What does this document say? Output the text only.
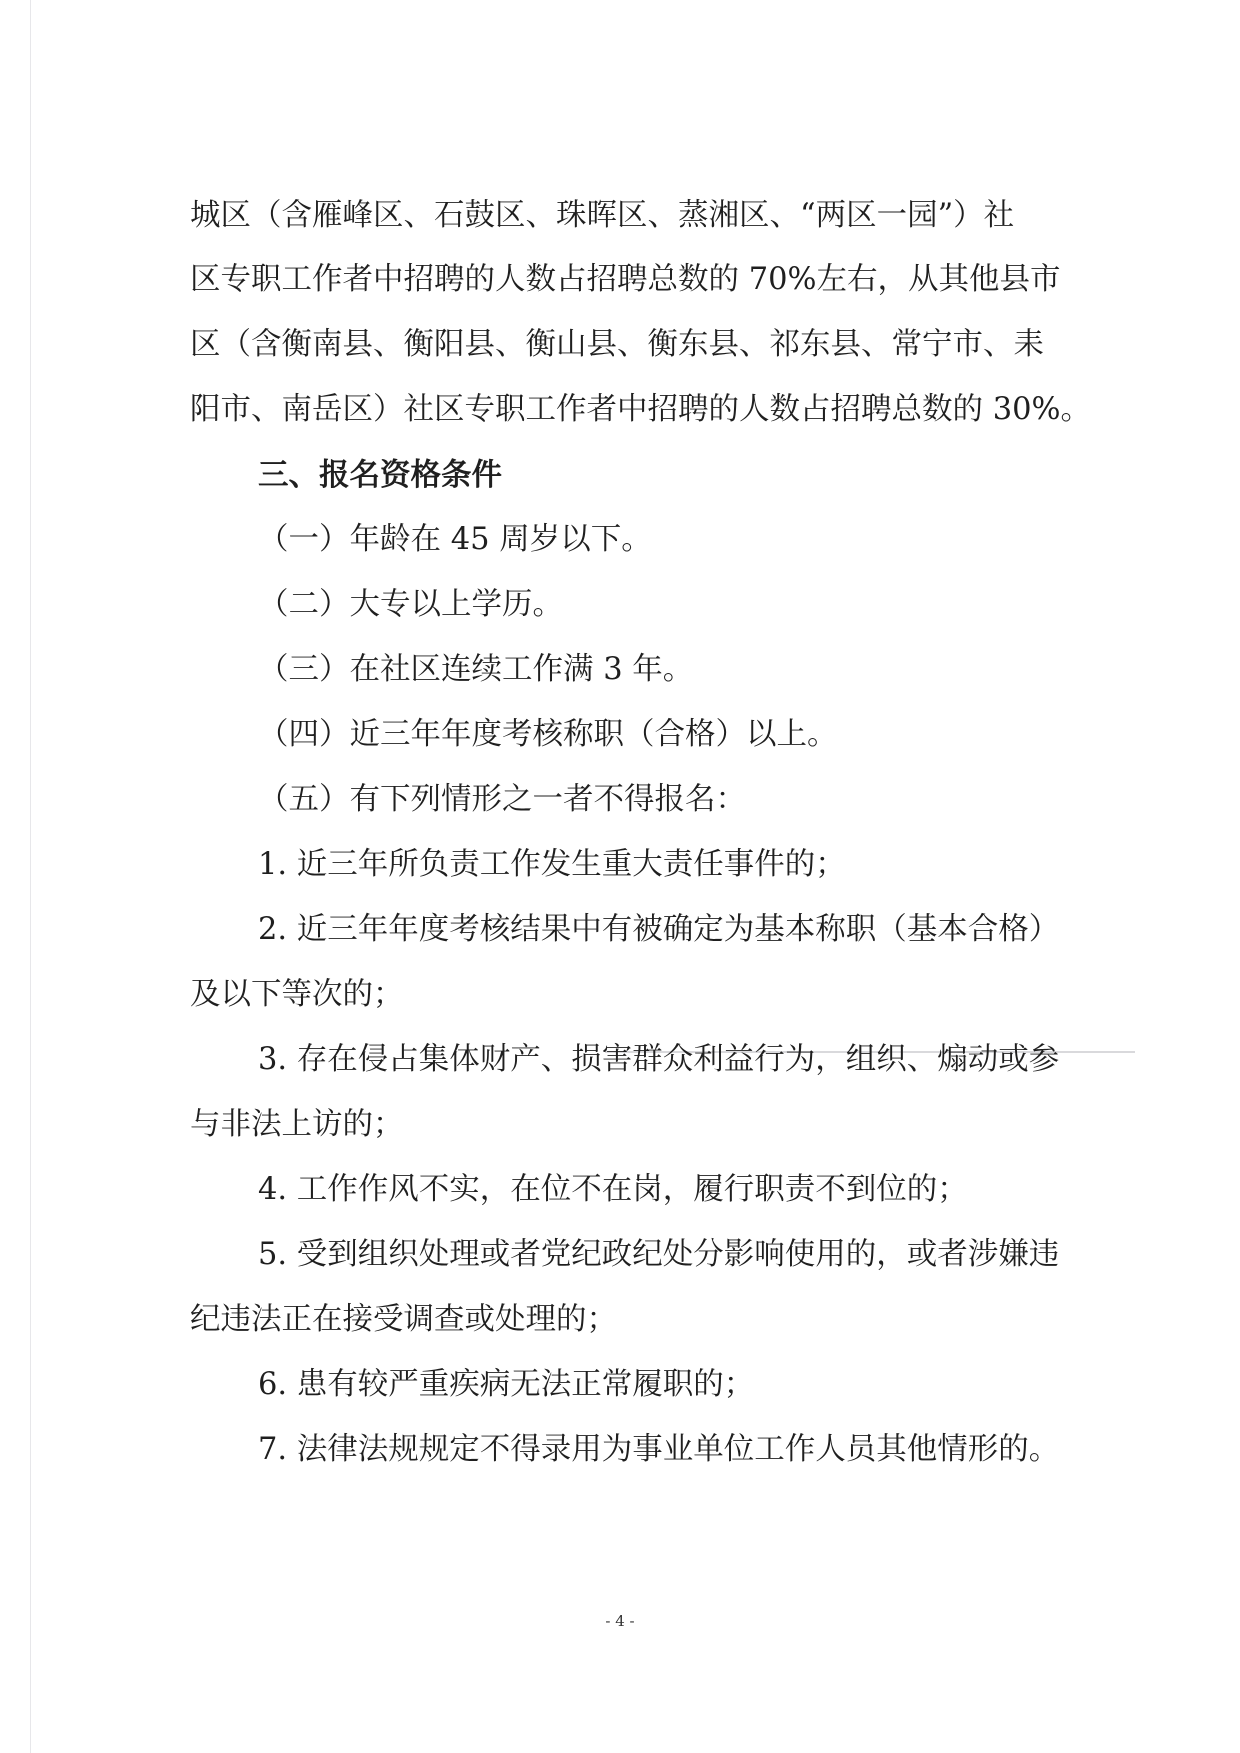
城区（含雁峰区、石鼓区、珠晖区、蒸湘区、“两区一园”）社
区专职工作者中招聘的人数占招聘总数的 70%左右，从其他县市
区（含衡南县、衡阳县、衡山县、衡东县、祁东县、常宁市、耒
阳市、南岳区）社区专职工作者中招聘的人数占招聘总数的 30%。
三、报名资格条件
（一）年龄在 45 周岁以下。
（二）大专以上学历。
（三）在社区连续工作满 3 年。
（四）近三年年度考核称职（合格）以上。
（五）有下列情形之一者不得报名：
1. 近三年所负责工作发生重大责任事件的；
2. 近三年年度考核结果中有被确定为基本称职（基本合格）
及以下等次的；
3. 存在侵占集体财产、损害群众利益行为，组织、煽动或参
与非法上访的；
4. 工作作风不实，在位不在岗，履行职责不到位的；
5. 受到组织处理或者党纪政纪处分影响使用的，或者涉嫌违
纪违法正在接受调查或处理的；
6. 患有较严重疾病无法正常履职的；
7. 法律法规规定不得录用为事业单位工作人员其他情形的。
- 4 -
